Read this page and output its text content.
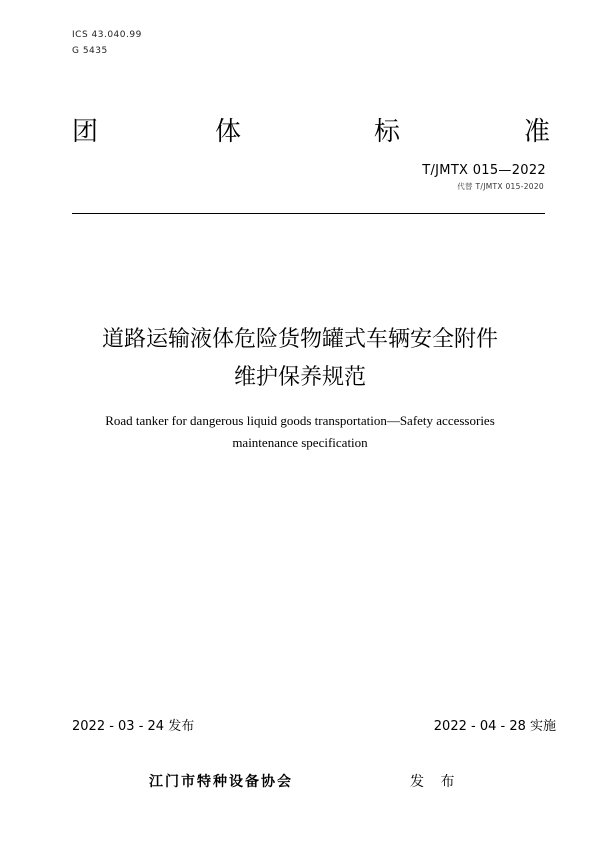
ICS 43.040.99
G 5435
团	体	标	准
T/JMTX 015—2022
代替 T/JMTX 015-2020
道路运输液体危险货物罐式车辆安全附件
维护保养规范
Road tanker for dangerous liquid goods transportation—Safety accessories
maintenance specification
2022 - 03 - 24 发布	2022 - 04 - 28 实施
江门市特种设备协会	发 布
